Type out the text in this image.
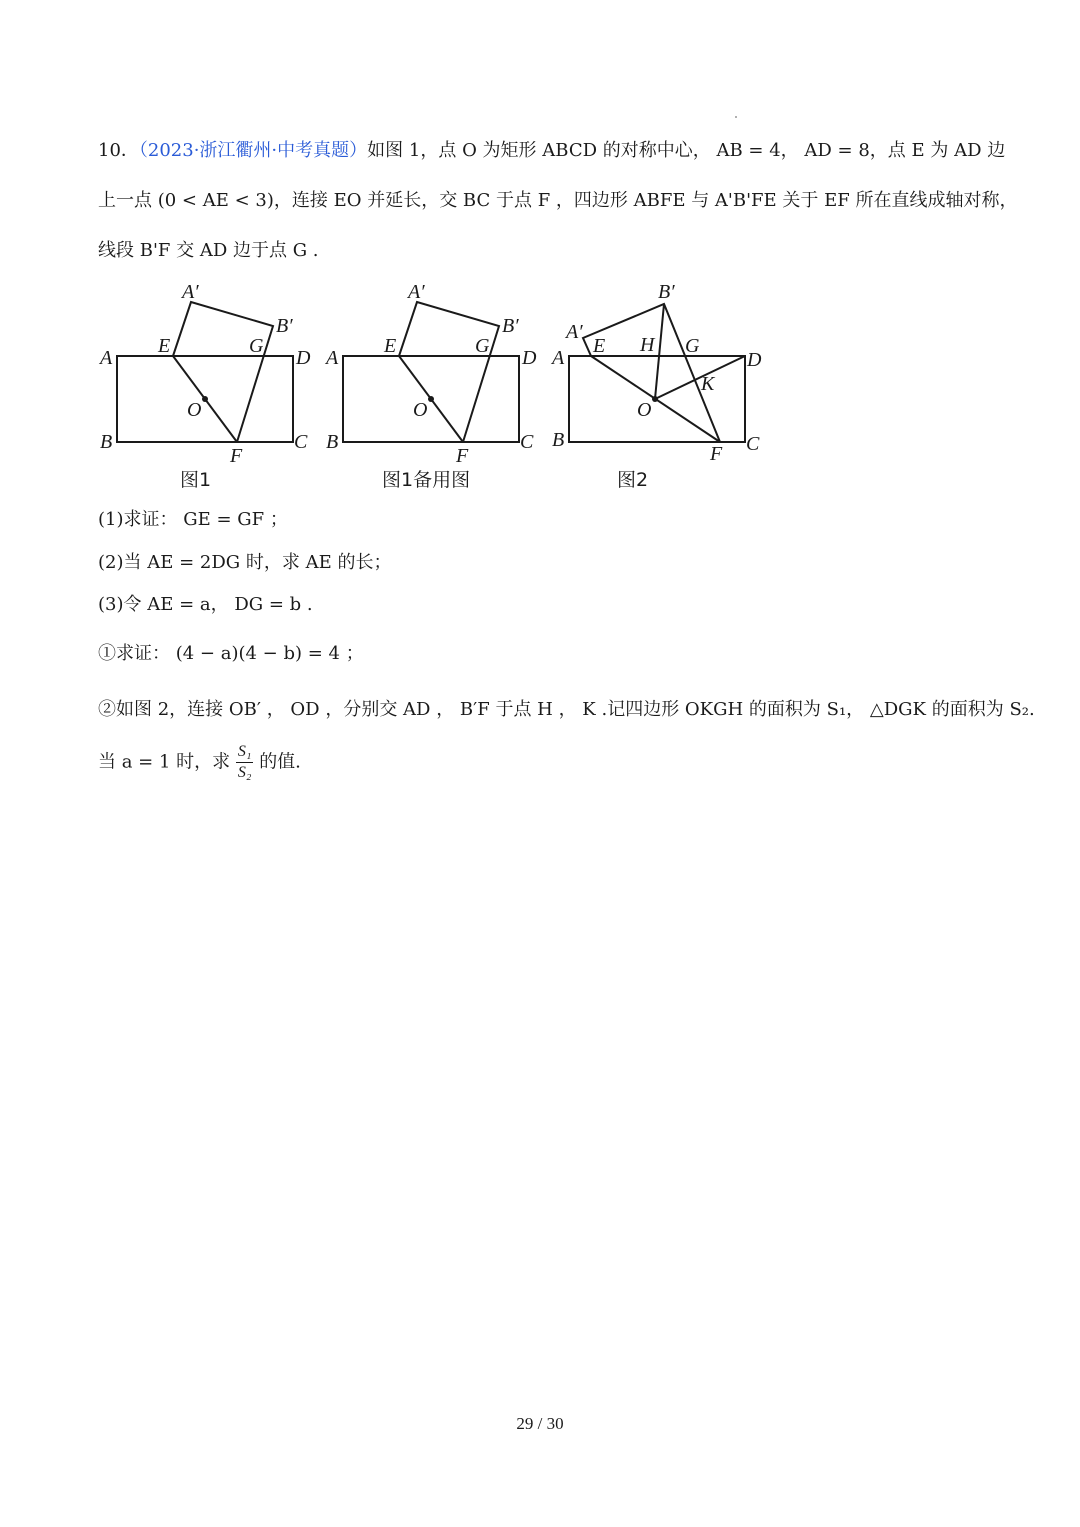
10．（2023·浙江衢州·中考真题）如图 1，点 O 为矩形 ABCD 的对称中心， AB = 4， AD = 8，点 E 为 AD 边
上一点 (0 < AE < 3)，连接 EO 并延长，交 BC 于点 F ，四边形 ABFE 与 A'B'FE 关于 EF 所在直线成轴对称，
线段 B'F 交 AD 边于点 G .
A
B	C
D
E
F
G
O
A′
B′
图1
A
B	C
D
E
F
G
O
A′
B′
图1备用图
A
B	C
D
E
F
G
H
K
O
A′
B′
图2
(1)求证： GE = GF ；
(2)当 AE = 2DG 时，求 AE 的长；
(3)令 AE = a， DG = b .
①求证： (4 − a)(4 − b) = 4 ；
②如图 2，连接 OB′ ， OD ，分别交 AD ， B′F 于点 H ， K .记四边形 OKGH 的面积为 S₁， △DGK 的面积为 S₂.
当 a = 1 时，求 $\frac{\text{S₁}}{\text{S₂}}$ 的值.
29 / 30
